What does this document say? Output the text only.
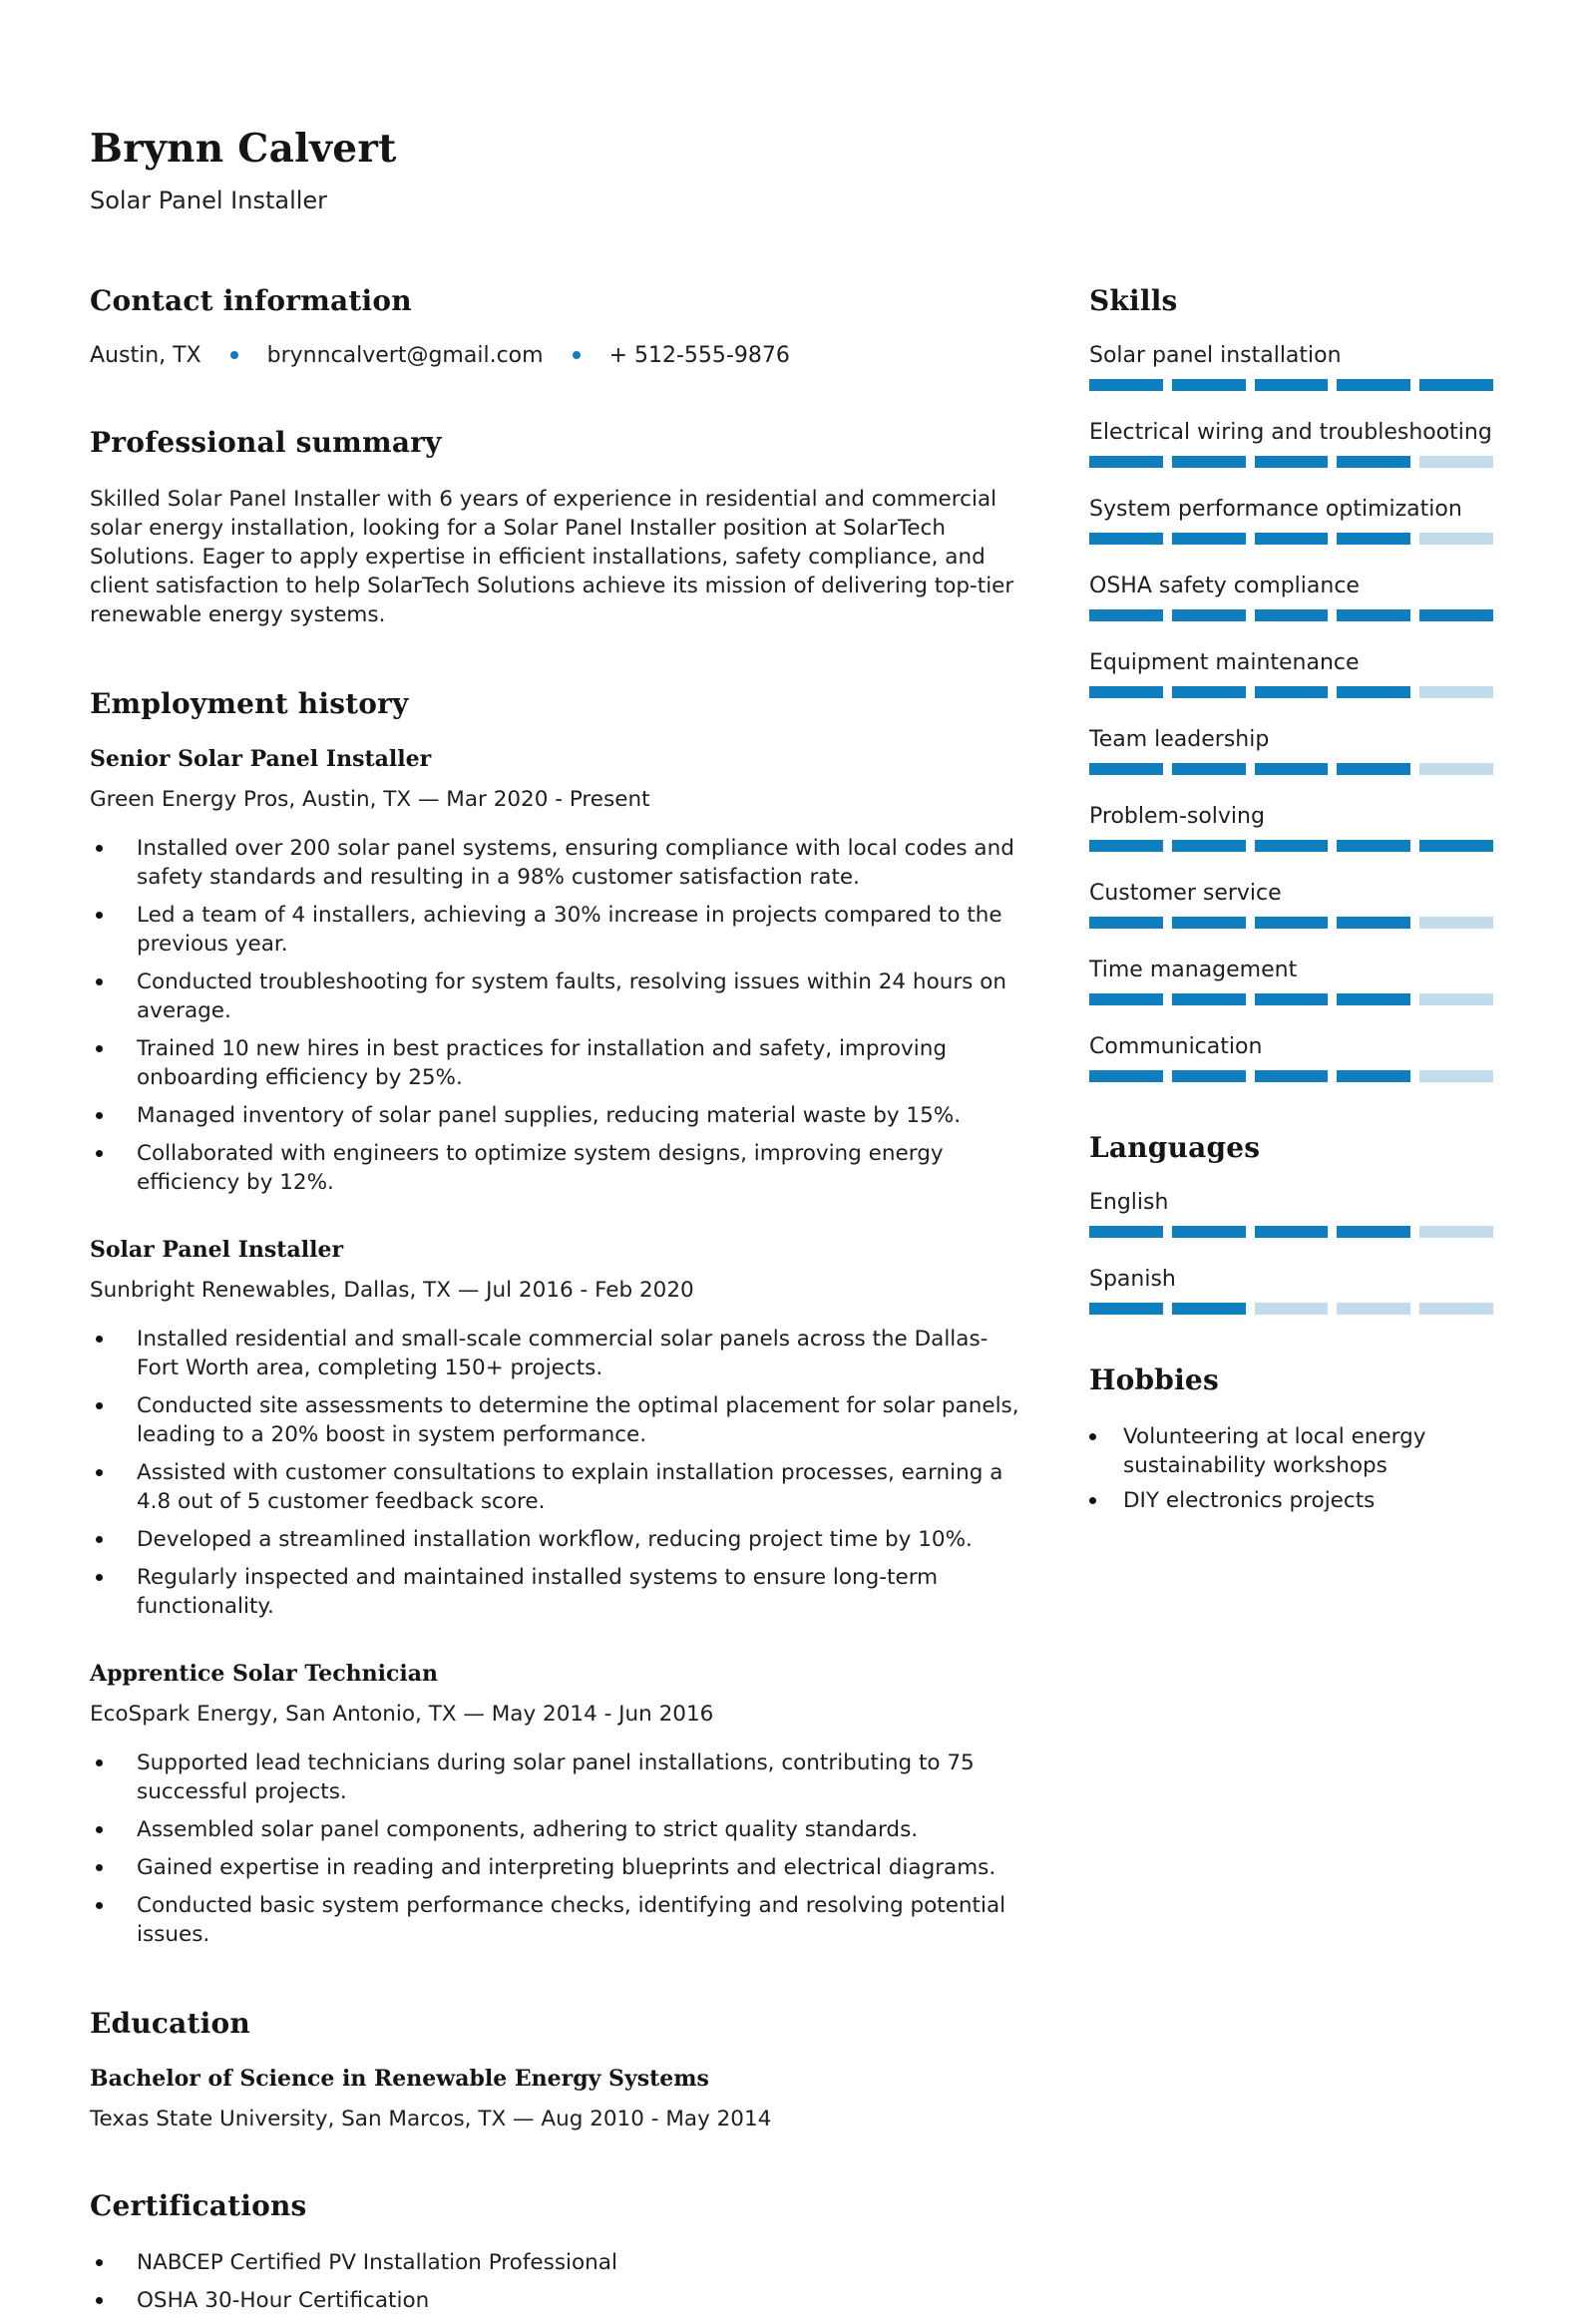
Brynn Calvert
Solar Panel Installer
Contact information
Austin, TX	brynncalvert@gmail.com	+ 512-555-9876
Professional summary

Skilled Solar Panel Installer with 6 years of experience in residential and commercial solar energy installation, looking for a Solar Panel Installer position at SolarTech Solutions. Eager to apply expertise in efficient installations, safety compliance, and client satisfaction to help SolarTech Solutions achieve its mission of delivering top-tier renewable energy systems.

Employment history
Senior Solar Panel Installer

Green Energy Pros, Austin, TX — Mar 2020 - Present

Installed over 200 solar panel systems, ensuring compliance with local codes and safety standards and resulting in a 98% customer satisfaction rate.
Led a team of 4 installers, achieving a 30% increase in projects compared to the previous year.
Conducted troubleshooting for system faults, resolving issues within 24 hours on average.
Trained 10 new hires in best practices for installation and safety, improving onboarding efficiency by 25%.
Managed inventory of solar panel supplies, reducing material waste by 15%.
Collaborated with engineers to optimize system designs, improving energy efficiency by 12%.
Solar Panel Installer

Sunbright Renewables, Dallas, TX — Jul 2016 - Feb 2020

Installed residential and small-scale commercial solar panels across the Dallas-Fort Worth area, completing 150+ projects.
Conducted site assessments to determine the optimal placement for solar panels, leading to a 20% boost in system performance.
Assisted with customer consultations to explain installation processes, earning a 4.8 out of 5 customer feedback score.
Developed a streamlined installation workflow, reducing project time by 10%.
Regularly inspected and maintained installed systems to ensure long-term functionality.
Apprentice Solar Technician

EcoSpark Energy, San Antonio, TX — May 2014 - Jun 2016

Supported lead technicians during solar panel installations, contributing to 75 successful projects.
Assembled solar panel components, adhering to strict quality standards.
Gained expertise in reading and interpreting blueprints and electrical diagrams.
Conducted basic system performance checks, identifying and resolving potential issues.
Education
Bachelor of Science in Renewable Energy Systems

Texas State University, San Marcos, TX — Aug 2010 - May 2014

Certifications
NABCEP Certified PV Installation Professional
OSHA 30-Hour Certification
Skills
Solar panel installation
Electrical wiring and troubleshooting
System performance optimization
OSHA safety compliance
Equipment maintenance
Team leadership
Problem-solving
Customer service
Time management
Communication
Languages
English
Spanish
Hobbies
Volunteering at local energy sustainability workshops
DIY electronics projects
